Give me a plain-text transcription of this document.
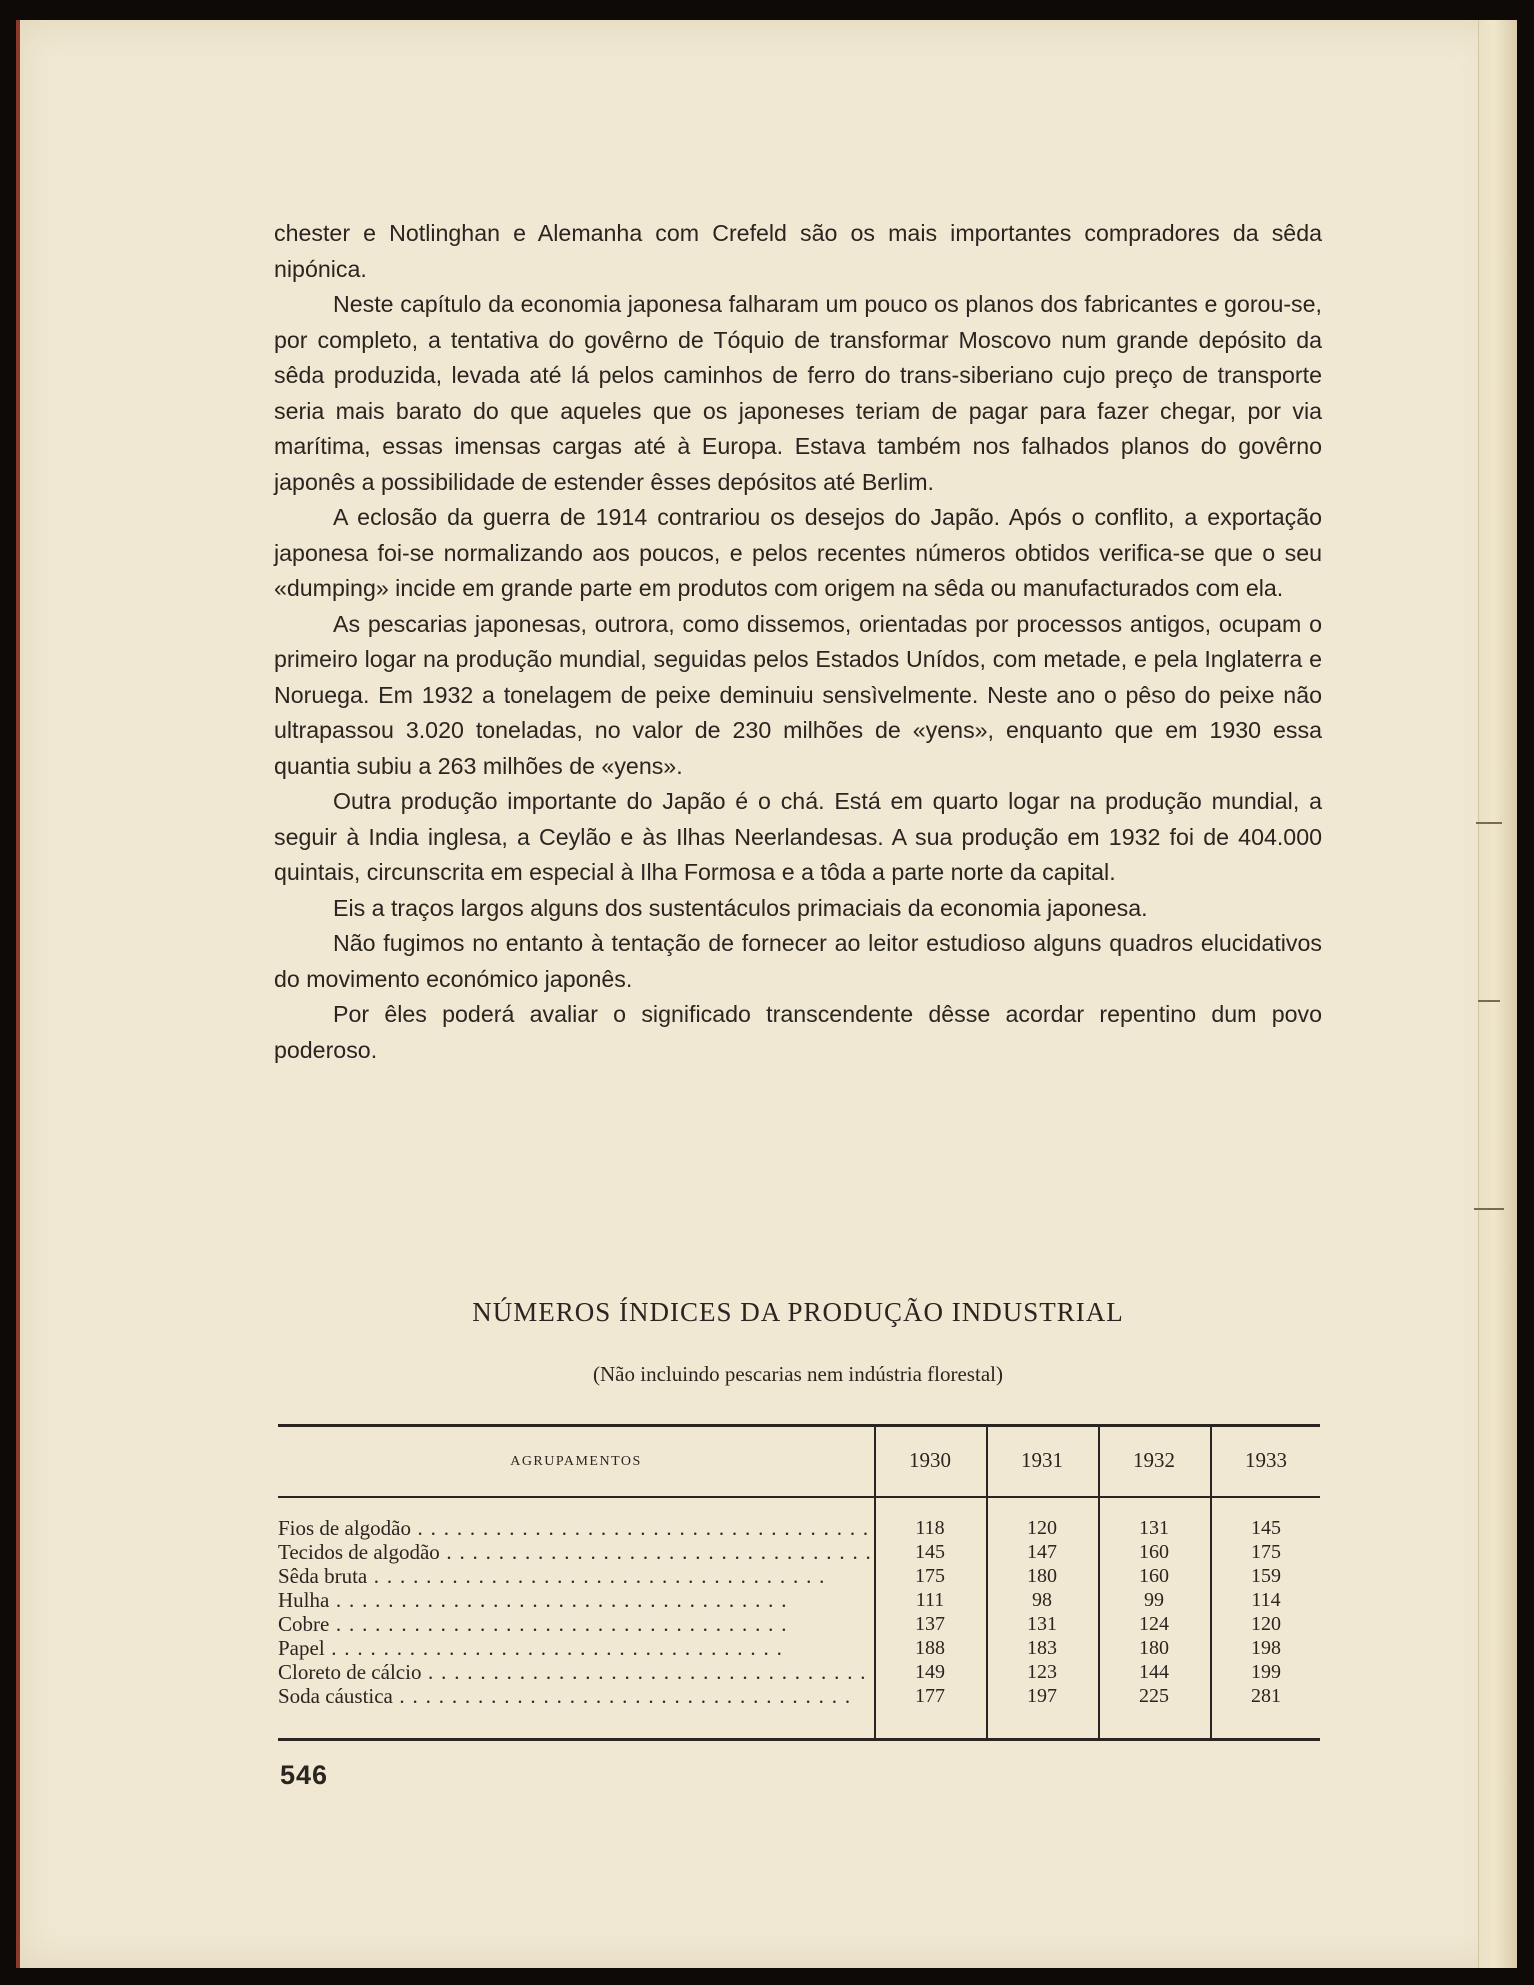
chester e Notlinghan e Alemanha com Crefeld são os mais importantes compradores da sêda nipónica.

Neste capítulo da economia japonesa falharam um pouco os planos dos fabricantes e gorou-se, por completo, a tentativa do govêrno de Tóquio de transformar Moscovo num grande depósito da sêda produzida, levada até lá pelos caminhos de ferro do trans-siberiano cujo preço de transporte seria mais barato do que aqueles que os japoneses teriam de pagar para fazer chegar, por via marítima, essas imensas cargas até à Europa. Estava também nos falhados planos do govêrno japonês a possibilidade de estender êsses depósitos até Berlim.

A eclosão da guerra de 1914 contrariou os desejos do Japão. Após o conflito, a exportação japonesa foi-se normalizando aos poucos, e pelos recentes números obtidos verifica-se que o seu «dumping» incide em grande parte em produtos com origem na sêda ou manufacturados com ela.

As pescarias japonesas, outrora, como dissemos, orientadas por processos antigos, ocupam o primeiro logar na produção mundial, seguidas pelos Estados Unídos, com metade, e pela Inglaterra e Noruega. Em 1932 a tonelagem de peixe deminuiu sensìvelmente. Neste ano o pêso do peixe não ultrapassou 3.020 toneladas, no valor de 230 milhões de «yens», enquanto que em 1930 essa quantia subiu a 263 milhões de «yens».

Outra produção importante do Japão é o chá. Está em quarto logar na produção mundial, a seguir à India inglesa, a Ceylão e às Ilhas Neerlandesas. A sua produção em 1932 foi de 404.000 quintais, circunscrita em especial à Ilha Formosa e a tôda a parte norte da capital.

Eis a traços largos alguns dos sustentáculos primaciais da economia japonesa.

Não fugimos no entanto à tentação de fornecer ao leitor estudioso alguns quadros elucidativos do movimento económico japonês.

Por êles poderá avaliar o significado transcendente dêsse acordar repentino dum povo poderoso.

NÚMEROS ÍNDICES DA PRODUÇÃO INDUSTRIAL
(Não incluindo pescarias nem indústria florestal)
AGRUPAMENTOS	1930	1931	1932	1933
Fios de algodão . . .	118	120	131	145
Tecidos de algodão . . .	145	147	160	175
Sêda bruta . . .	175	180	160	159
Hulha . . .	111	98	99	114
Cobre . . .	137	131	124	120
Papel . . .	188	183	180	198
Cloreto de cálcio . . .	149	123	144	199
Soda cáustica . . .	177	197	225	281
546
